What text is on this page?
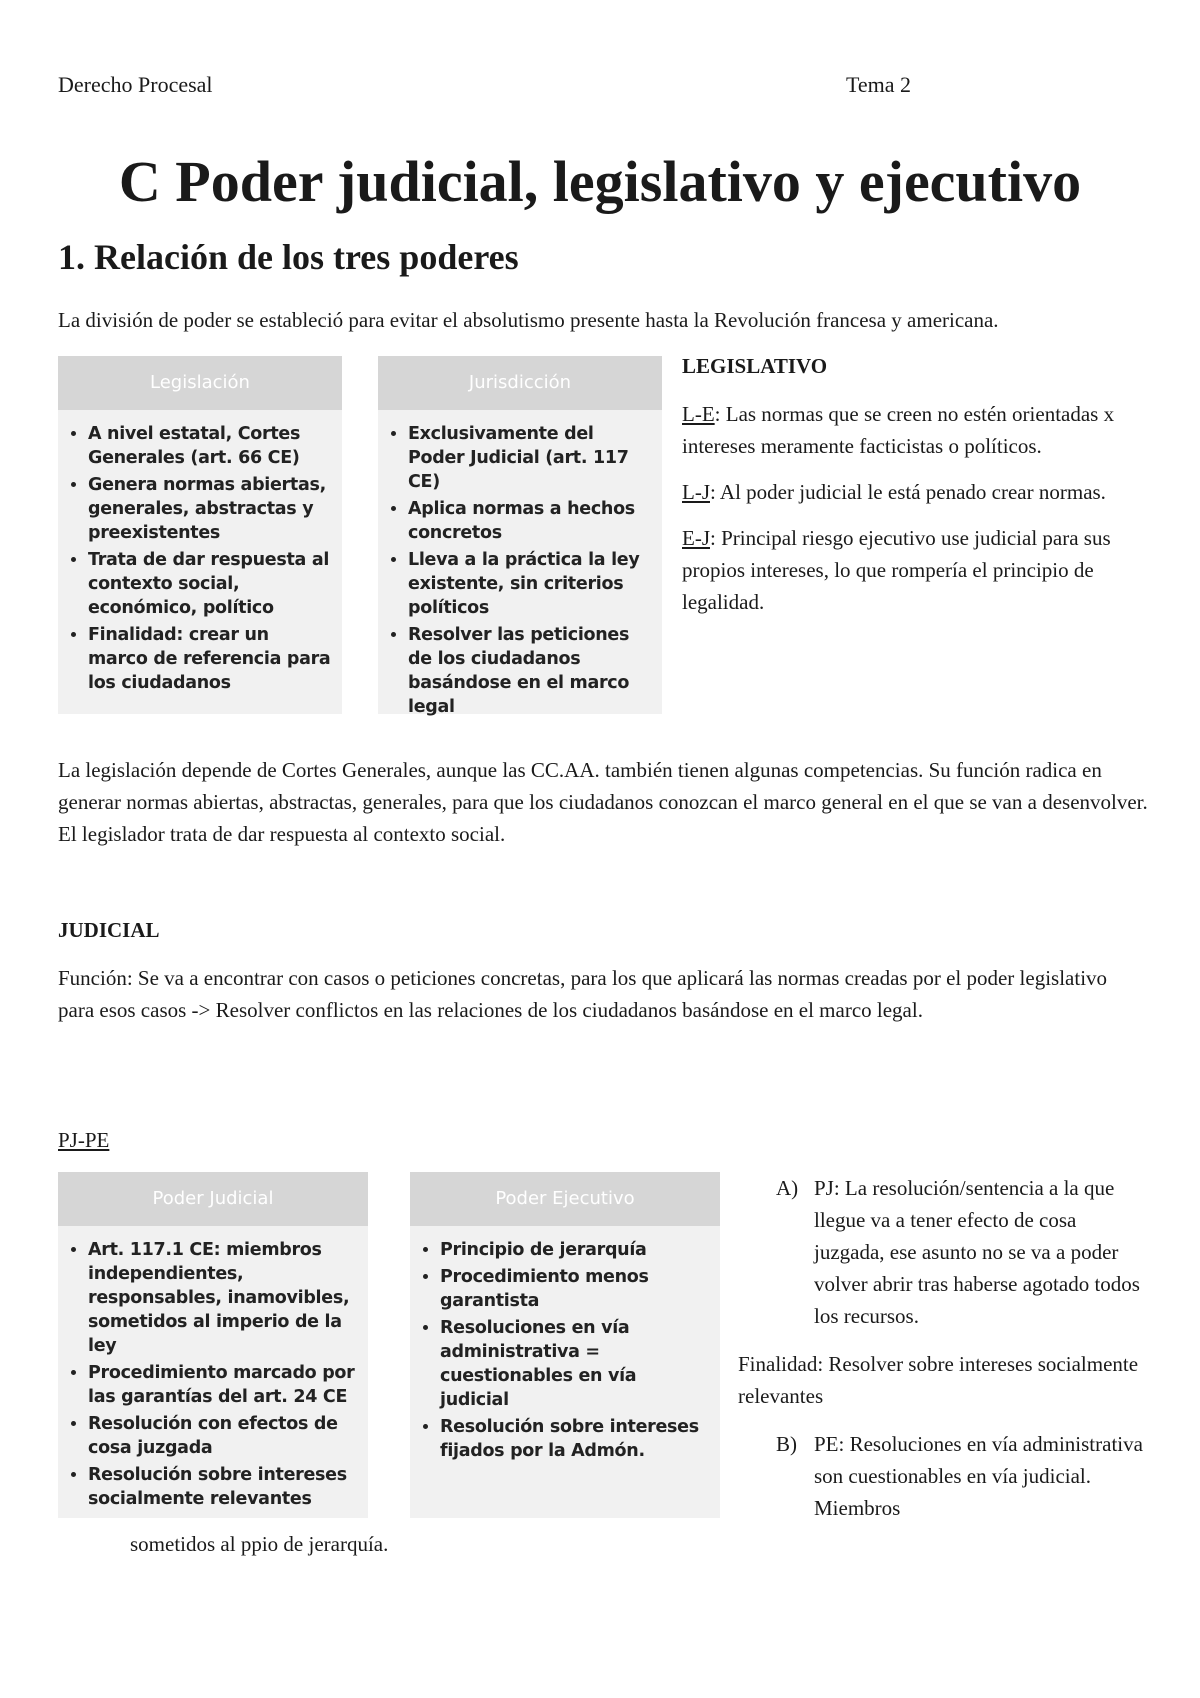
Derecho Procesal	Tema 2
C Poder judicial, legislativo y ejecutivo
1. Relación de los tres poderes

La división de poder se estableció para evitar el absolutismo presente hasta la Revolución francesa y americana.

Legislación
• A nivel estatal, Cortes Generales (art. 66 CE)
• Genera normas abiertas, generales, abstractas y preexistentes
• Trata de dar respuesta al contexto social, económico, político
• Finalidad: crear un marco de referencia para los ciudadanos
Jurisdicción
• Exclusivamente del Poder Judicial (art. 117 CE)
• Aplica normas a hechos concretos
• Lleva a la práctica la ley existente, sin criterios políticos
• Resolver las peticiones de los ciudadanos basándose en el marco legal
LEGISLATIVO

L-E: Las normas que se creen no estén orientadas x intereses meramente facticistas o políticos.

L-J: Al poder judicial le está penado crear normas.

E-J: Principal riesgo ejecutivo use judicial para sus propios intereses, lo que rompería el principio de legalidad.

La legislación depende de Cortes Generales, aunque las CC.AA. también tienen algunas competencias. Su función radica en generar normas abiertas, abstractas, generales, para que los ciudadanos conozcan el marco general en el que se van a desenvolver. El legislador trata de dar respuesta al contexto social.

JUDICIAL

Función: Se va a encontrar con casos o peticiones concretas, para los que aplicará las normas creadas por el poder legislativo para esos casos -> Resolver conflictos en las relaciones de los ciudadanos basándose en el marco legal.

PJ-PE
Poder Judicial
• Art. 117.1 CE: miembros independientes, responsables, inamovibles, sometidos al imperio de la ley
• Procedimiento marcado por las garantías del art. 24 CE
• Resolución con efectos de cosa juzgada
• Resolución sobre intereses socialmente relevantes
Poder Ejecutivo
• Principio de jerarquía
• Procedimiento menos garantista
• Resoluciones en vía administrativa = cuestionables en vía judicial
• Resolución sobre intereses fijados por la Admón.
A) PJ: La resolución/sentencia a la que llegue va a tener efecto de cosa juzgada, ese asunto no se va a poder volver abrir tras haberse agotado todos los recursos.
Finalidad: Resolver sobre intereses socialmente relevantes
B) PE: Resoluciones en vía administrativa son cuestionables en vía judicial. Miembros
sometidos al ppio de jerarquía.
